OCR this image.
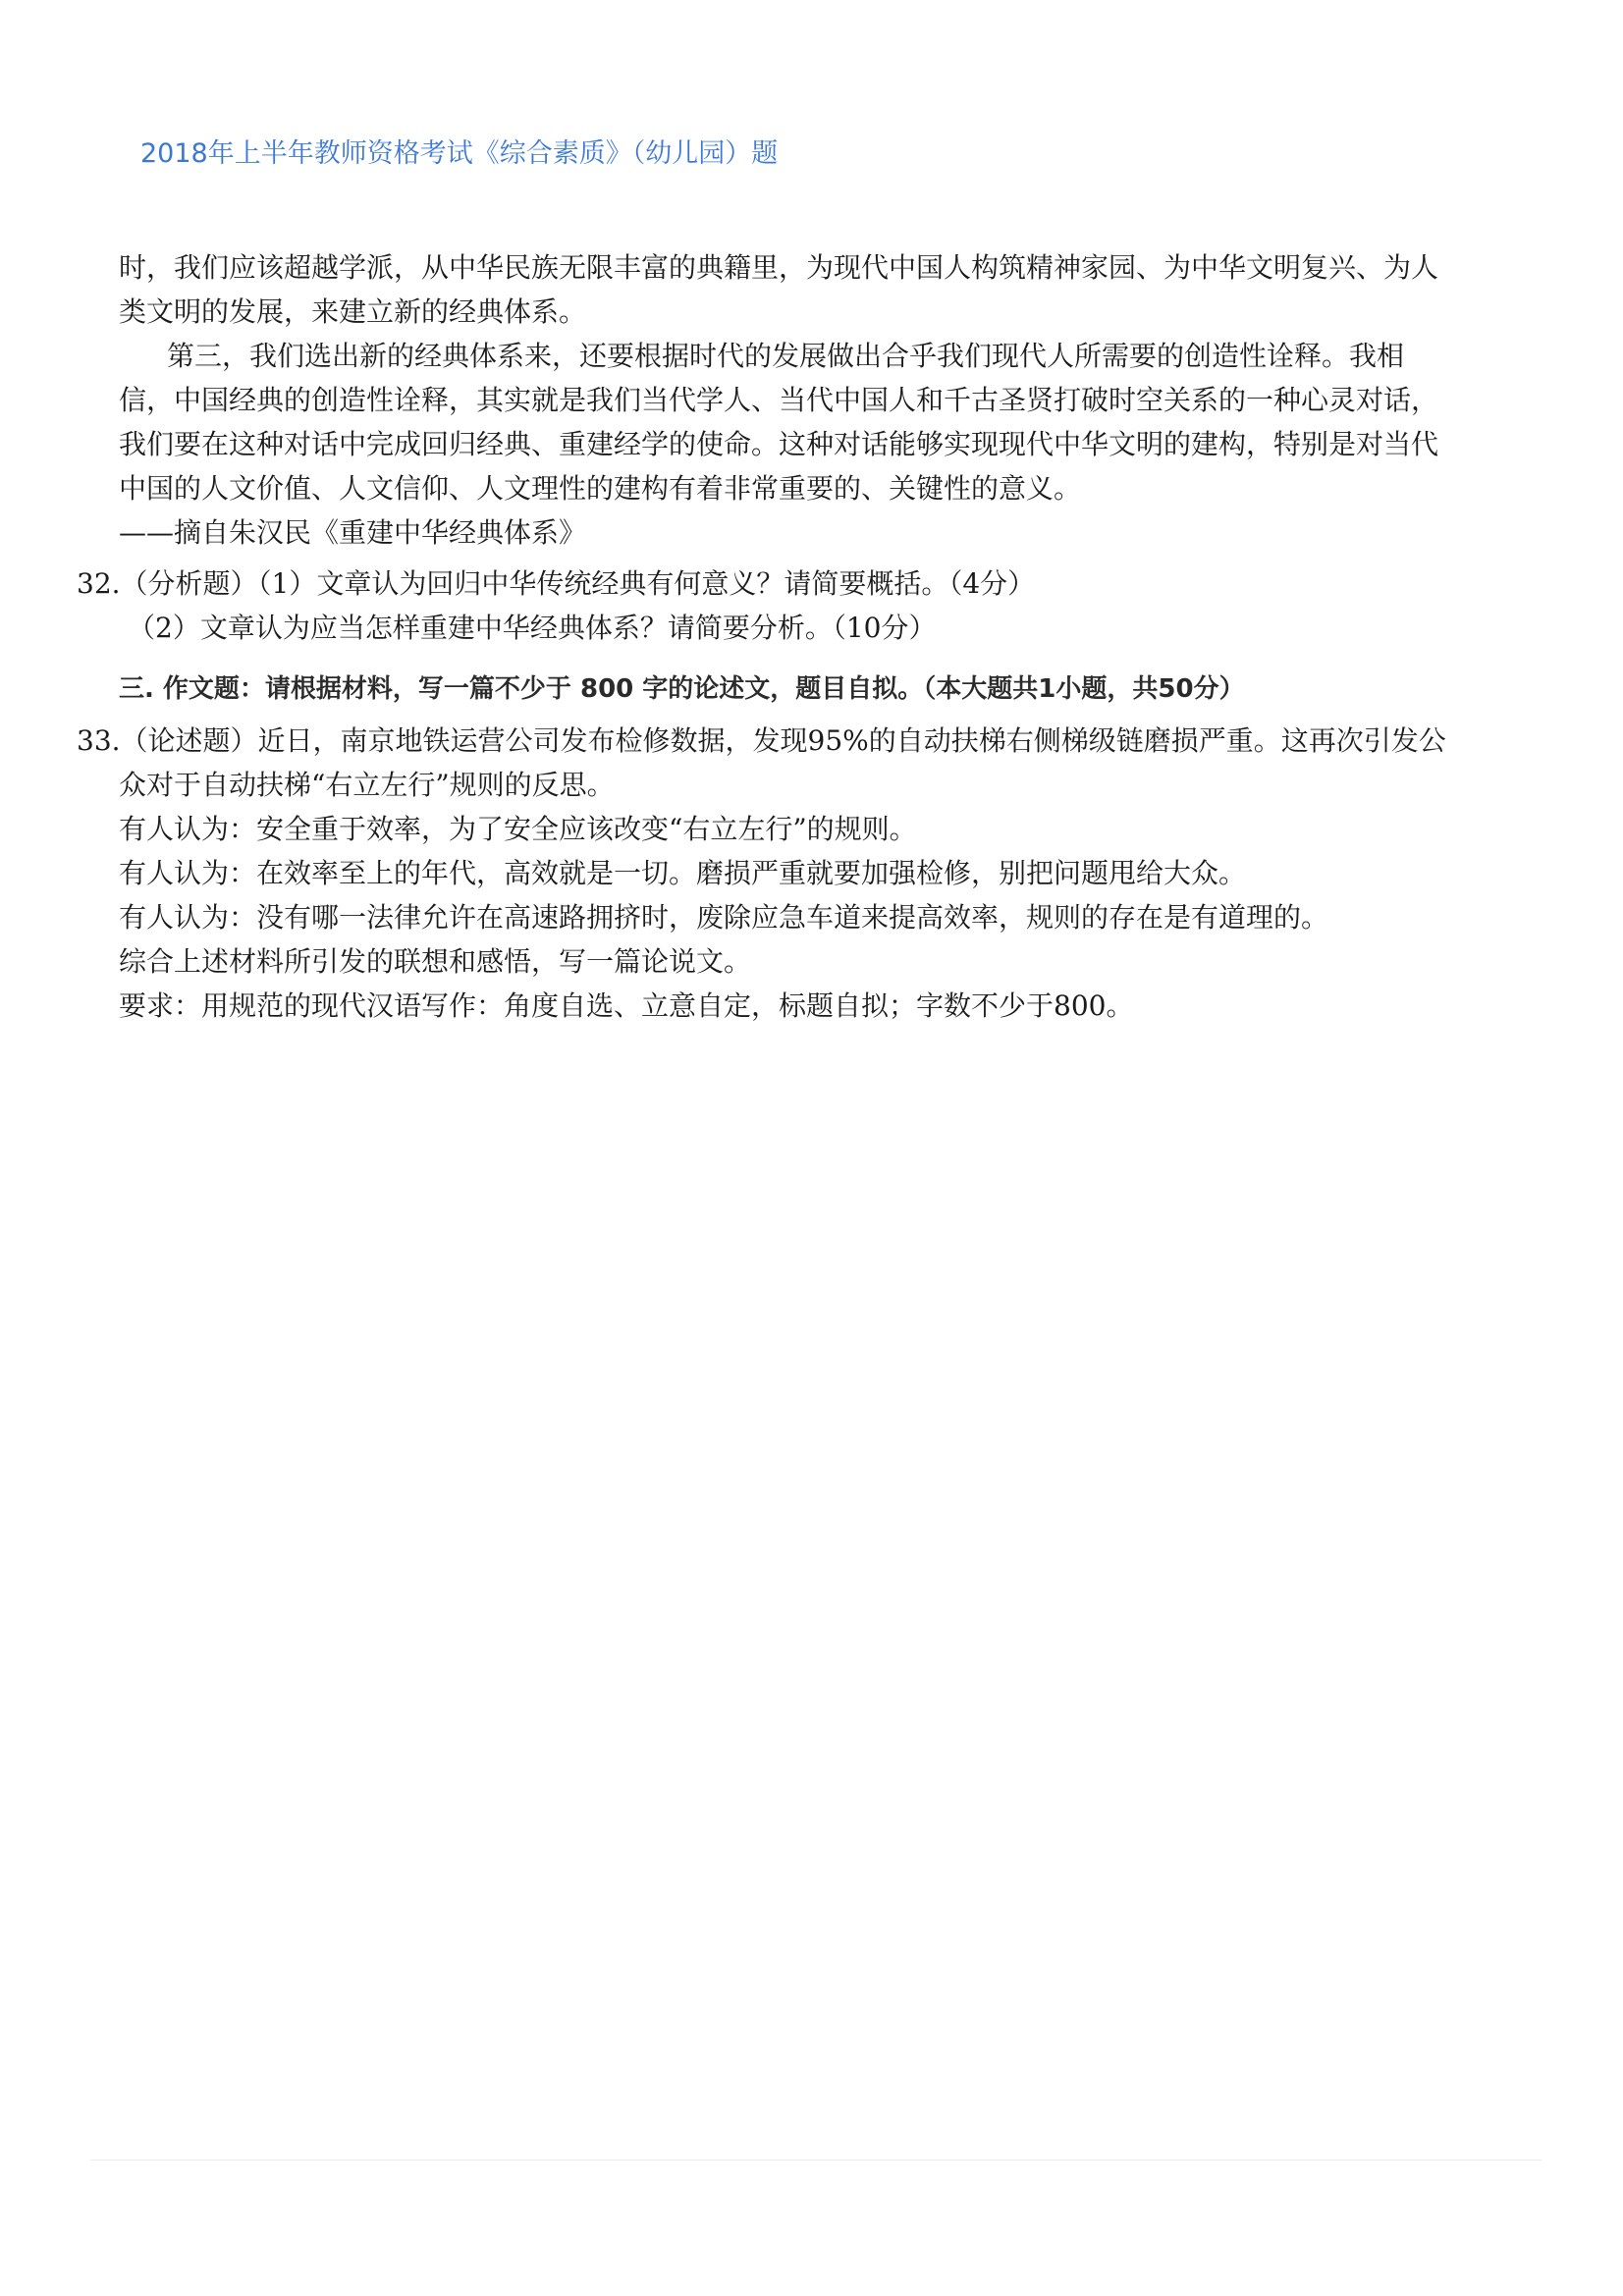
2018年上半年教师资格考试《综合素质》（幼儿园）题
时，我们应该超越学派，从中华民族无限丰富的典籍里，为现代中国人构筑精神家园、为中华文明复兴、为人
类文明的发展，来建立新的经典体系。
第三，我们选出新的经典体系来，还要根据时代的发展做出合乎我们现代人所需要的创造性诠释。我相
信，中国经典的创造性诠释，其实就是我们当代学人、当代中国人和千古圣贤打破时空关系的一种心灵对话，
我们要在这种对话中完成回归经典、重建经学的使命。这种对话能够实现现代中华文明的建构，特别是对当代
中国的人文价值、人文信仰、人文理性的建构有着非常重要的、关键性的意义。
——摘自朱汉民《重建中华经典体系》
32.（分析题）（1）文章认为回归中华传统经典有何意义？请简要概括。（4分）
（2）文章认为应当怎样重建中华经典体系？请简要分析。（10分）
三. 作文题：请根据材料，写一篇不少于 800 字的论述文，题目自拟。（本大题共1小题，共50分）
33.（论述题）近日，南京地铁运营公司发布检修数据，发现95%的自动扶梯右侧梯级链磨损严重。这再次引发公
众对于自动扶梯“右立左行”规则的反思。
有人认为：安全重于效率，为了安全应该改变“右立左行”的规则。
有人认为：在效率至上的年代，高效就是一切。磨损严重就要加强检修，别把问题甩给大众。
有人认为：没有哪一法律允许在高速路拥挤时，废除应急车道来提高效率，规则的存在是有道理的。
综合上述材料所引发的联想和感悟，写一篇论说文。
要求：用规范的现代汉语写作：角度自选、立意自定，标题自拟；字数不少于800。
